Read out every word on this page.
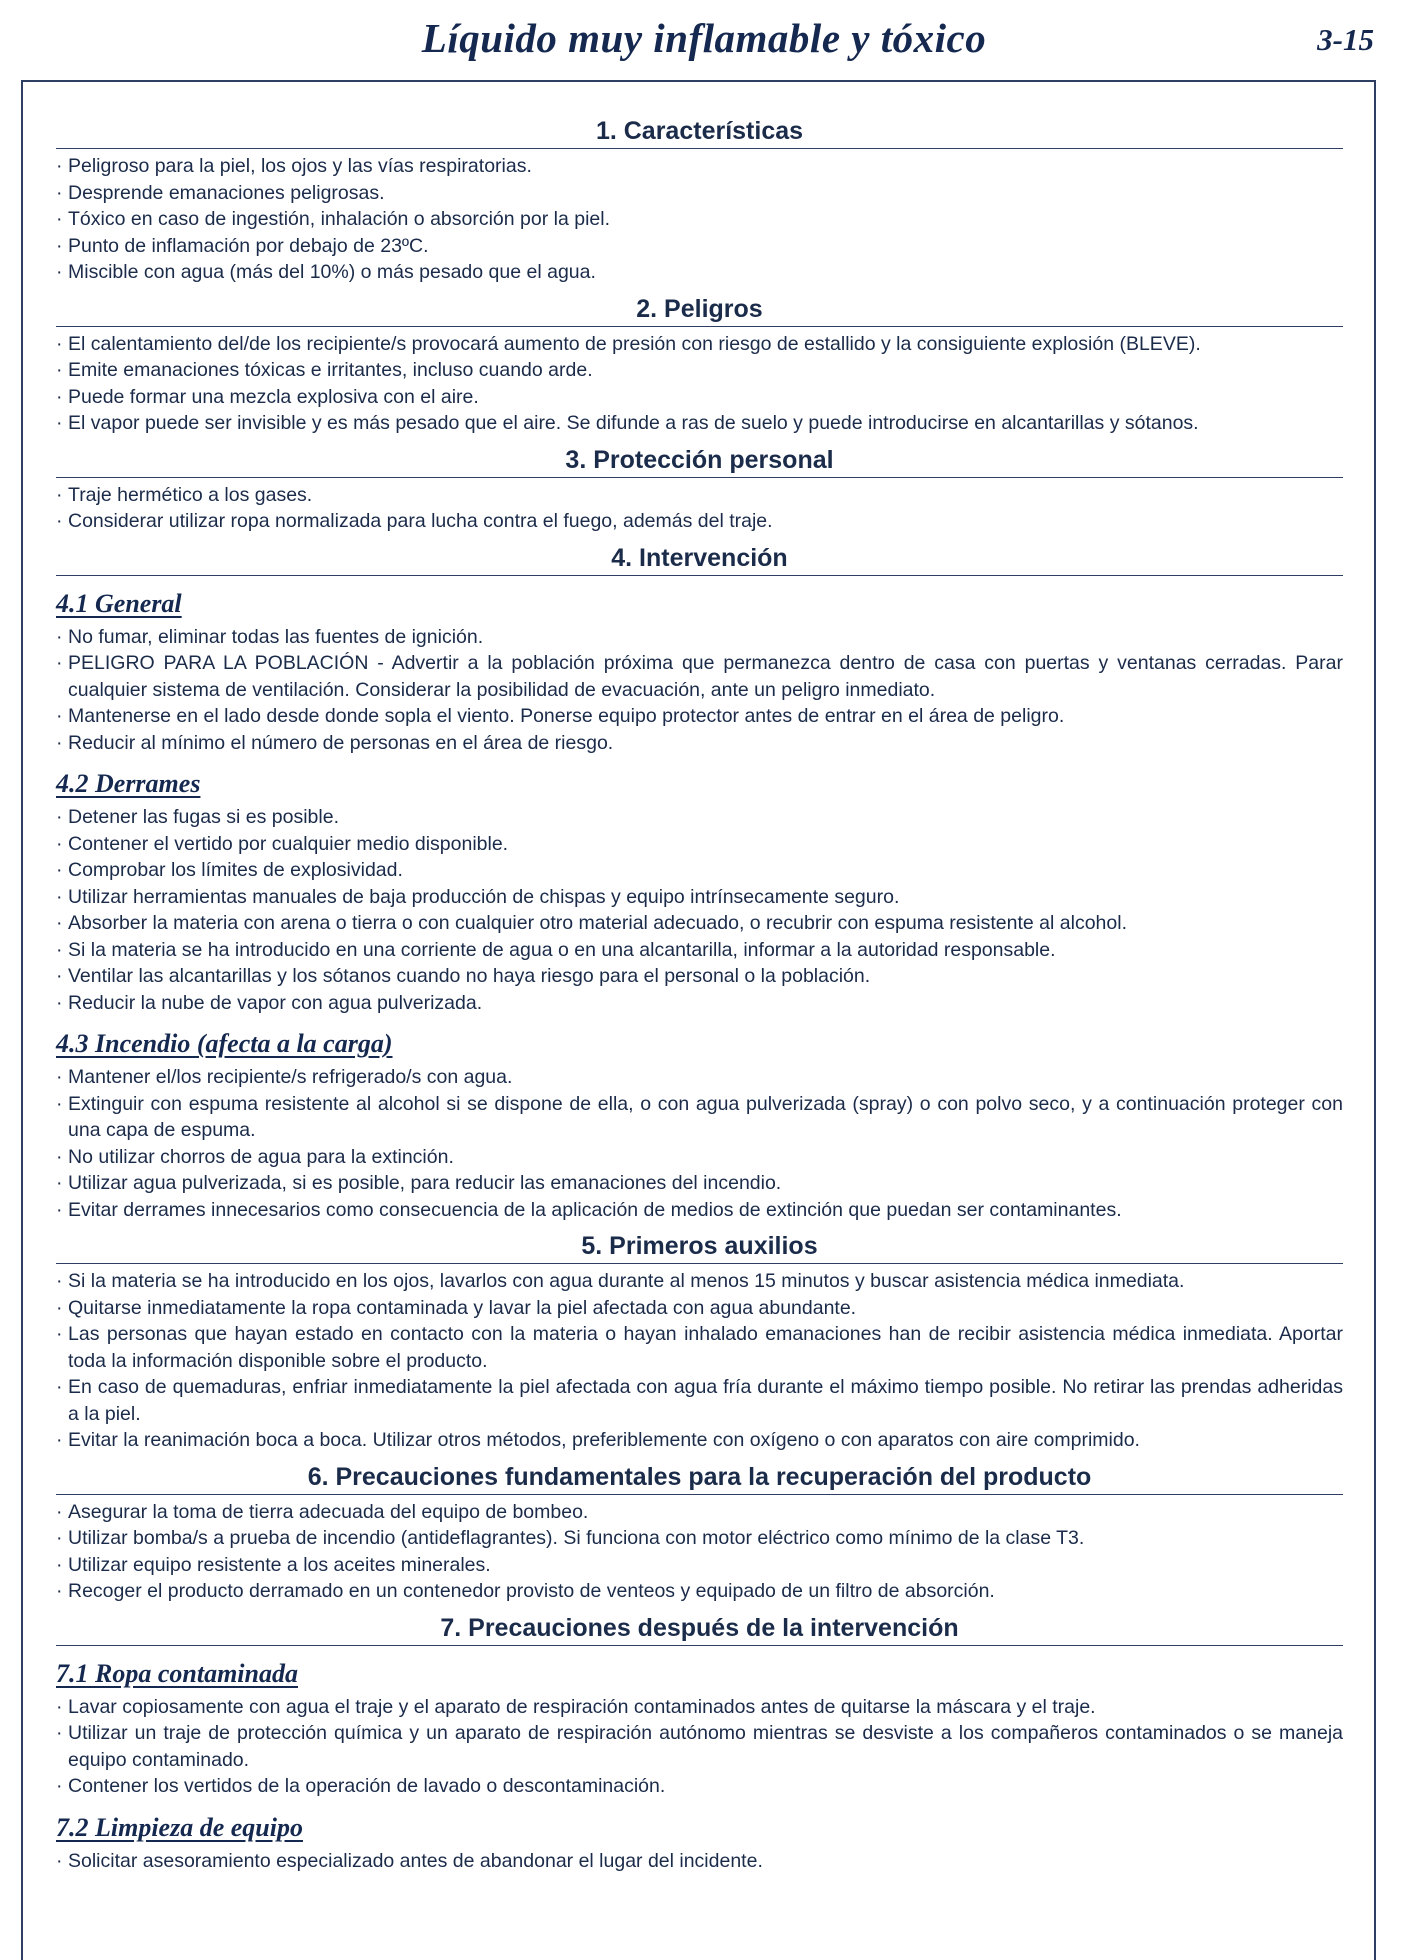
Líquido muy inflamable y tóxico	3-15
1. Características
· Peligroso para la piel, los ojos y las vías respiratorias.
· Desprende emanaciones peligrosas.
· Tóxico en caso de ingestión, inhalación o absorción por la piel.
· Punto de inflamación por debajo de 23ºC.
· Miscible con agua (más del 10%) o más pesado que el agua.
2. Peligros
· El calentamiento del/de los recipiente/s provocará aumento de presión con riesgo de estallido y la consiguiente explosión (BLEVE).
· Emite emanaciones tóxicas e irritantes, incluso cuando arde.
· Puede formar una mezcla explosiva con el aire.
· El vapor puede ser invisible y es más pesado que el aire. Se difunde a ras de suelo y puede introducirse en alcantarillas y sótanos.
3. Protección personal
· Traje hermético a los gases.
· Considerar utilizar ropa normalizada para lucha contra el fuego, además del traje.
4. Intervención
4.1 General
· No fumar, eliminar todas las fuentes de ignición.
· PELIGRO PARA LA POBLACIÓN - Advertir a la población próxima que permanezca dentro de casa con puertas y ventanas cerradas. Parar cualquier sistema de ventilación. Considerar la posibilidad de evacuación, ante un peligro inmediato.
· Mantenerse en el lado desde donde sopla el viento. Ponerse equipo protector antes de entrar en el área de peligro.
· Reducir al mínimo el número de personas en el área de riesgo.
4.2 Derrames
· Detener las fugas si es posible.
· Contener el vertido por cualquier medio disponible.
· Comprobar los límites de explosividad.
· Utilizar herramientas manuales de baja producción de chispas y equipo intrínsecamente seguro.
· Absorber la materia con arena o tierra o con cualquier otro material adecuado, o recubrir con espuma resistente al alcohol.
· Si la materia se ha introducido en una corriente de agua o en una alcantarilla, informar a la autoridad responsable.
· Ventilar las alcantarillas y los sótanos cuando no haya riesgo para el personal o la población.
· Reducir la nube de vapor con agua pulverizada.
4.3 Incendio (afecta a la carga)
· Mantener el/los recipiente/s refrigerado/s con agua.
· Extinguir con espuma resistente al alcohol si se dispone de ella, o con agua pulverizada (spray) o con polvo seco, y a continuación proteger con una capa de espuma.
· No utilizar chorros de agua para la extinción.
· Utilizar agua pulverizada, si es posible, para reducir las emanaciones del incendio.
· Evitar derrames innecesarios como consecuencia de la aplicación de medios de extinción que puedan ser contaminantes.
5. Primeros auxilios
· Si la materia se ha introducido en los ojos, lavarlos con agua durante al menos 15 minutos y buscar asistencia médica inmediata.
· Quitarse inmediatamente la ropa contaminada y lavar la piel afectada con agua abundante.
· Las personas que hayan estado en contacto con la materia o hayan inhalado emanaciones han de recibir asistencia médica inmediata. Aportar toda la información disponible sobre el producto.
· En caso de quemaduras, enfriar inmediatamente la piel afectada con agua fría durante el máximo tiempo posible. No retirar las prendas adheridas a la piel.
· Evitar la reanimación boca a boca. Utilizar otros métodos, preferiblemente con oxígeno o con aparatos con aire comprimido.
6. Precauciones fundamentales para la recuperación del producto
· Asegurar la toma de tierra adecuada del equipo de bombeo.
· Utilizar bomba/s a prueba de incendio (antideflagrantes). Si funciona con motor eléctrico como mínimo de la clase T3.
· Utilizar equipo resistente a los aceites minerales.
· Recoger el producto derramado en un contenedor provisto de venteos y equipado de un filtro de absorción.
7. Precauciones después de la intervención
7.1 Ropa contaminada
· Lavar copiosamente con agua el traje y el aparato de respiración contaminados antes de quitarse la máscara y el traje.
· Utilizar un traje de protección química y un aparato de respiración autónomo mientras se desviste a los compañeros contaminados o se maneja equipo contaminado.
· Contener los vertidos de la operación de lavado o descontaminación.
7.2 Limpieza de equipo
· Solicitar asesoramiento especializado antes de abandonar el lugar del incidente.
